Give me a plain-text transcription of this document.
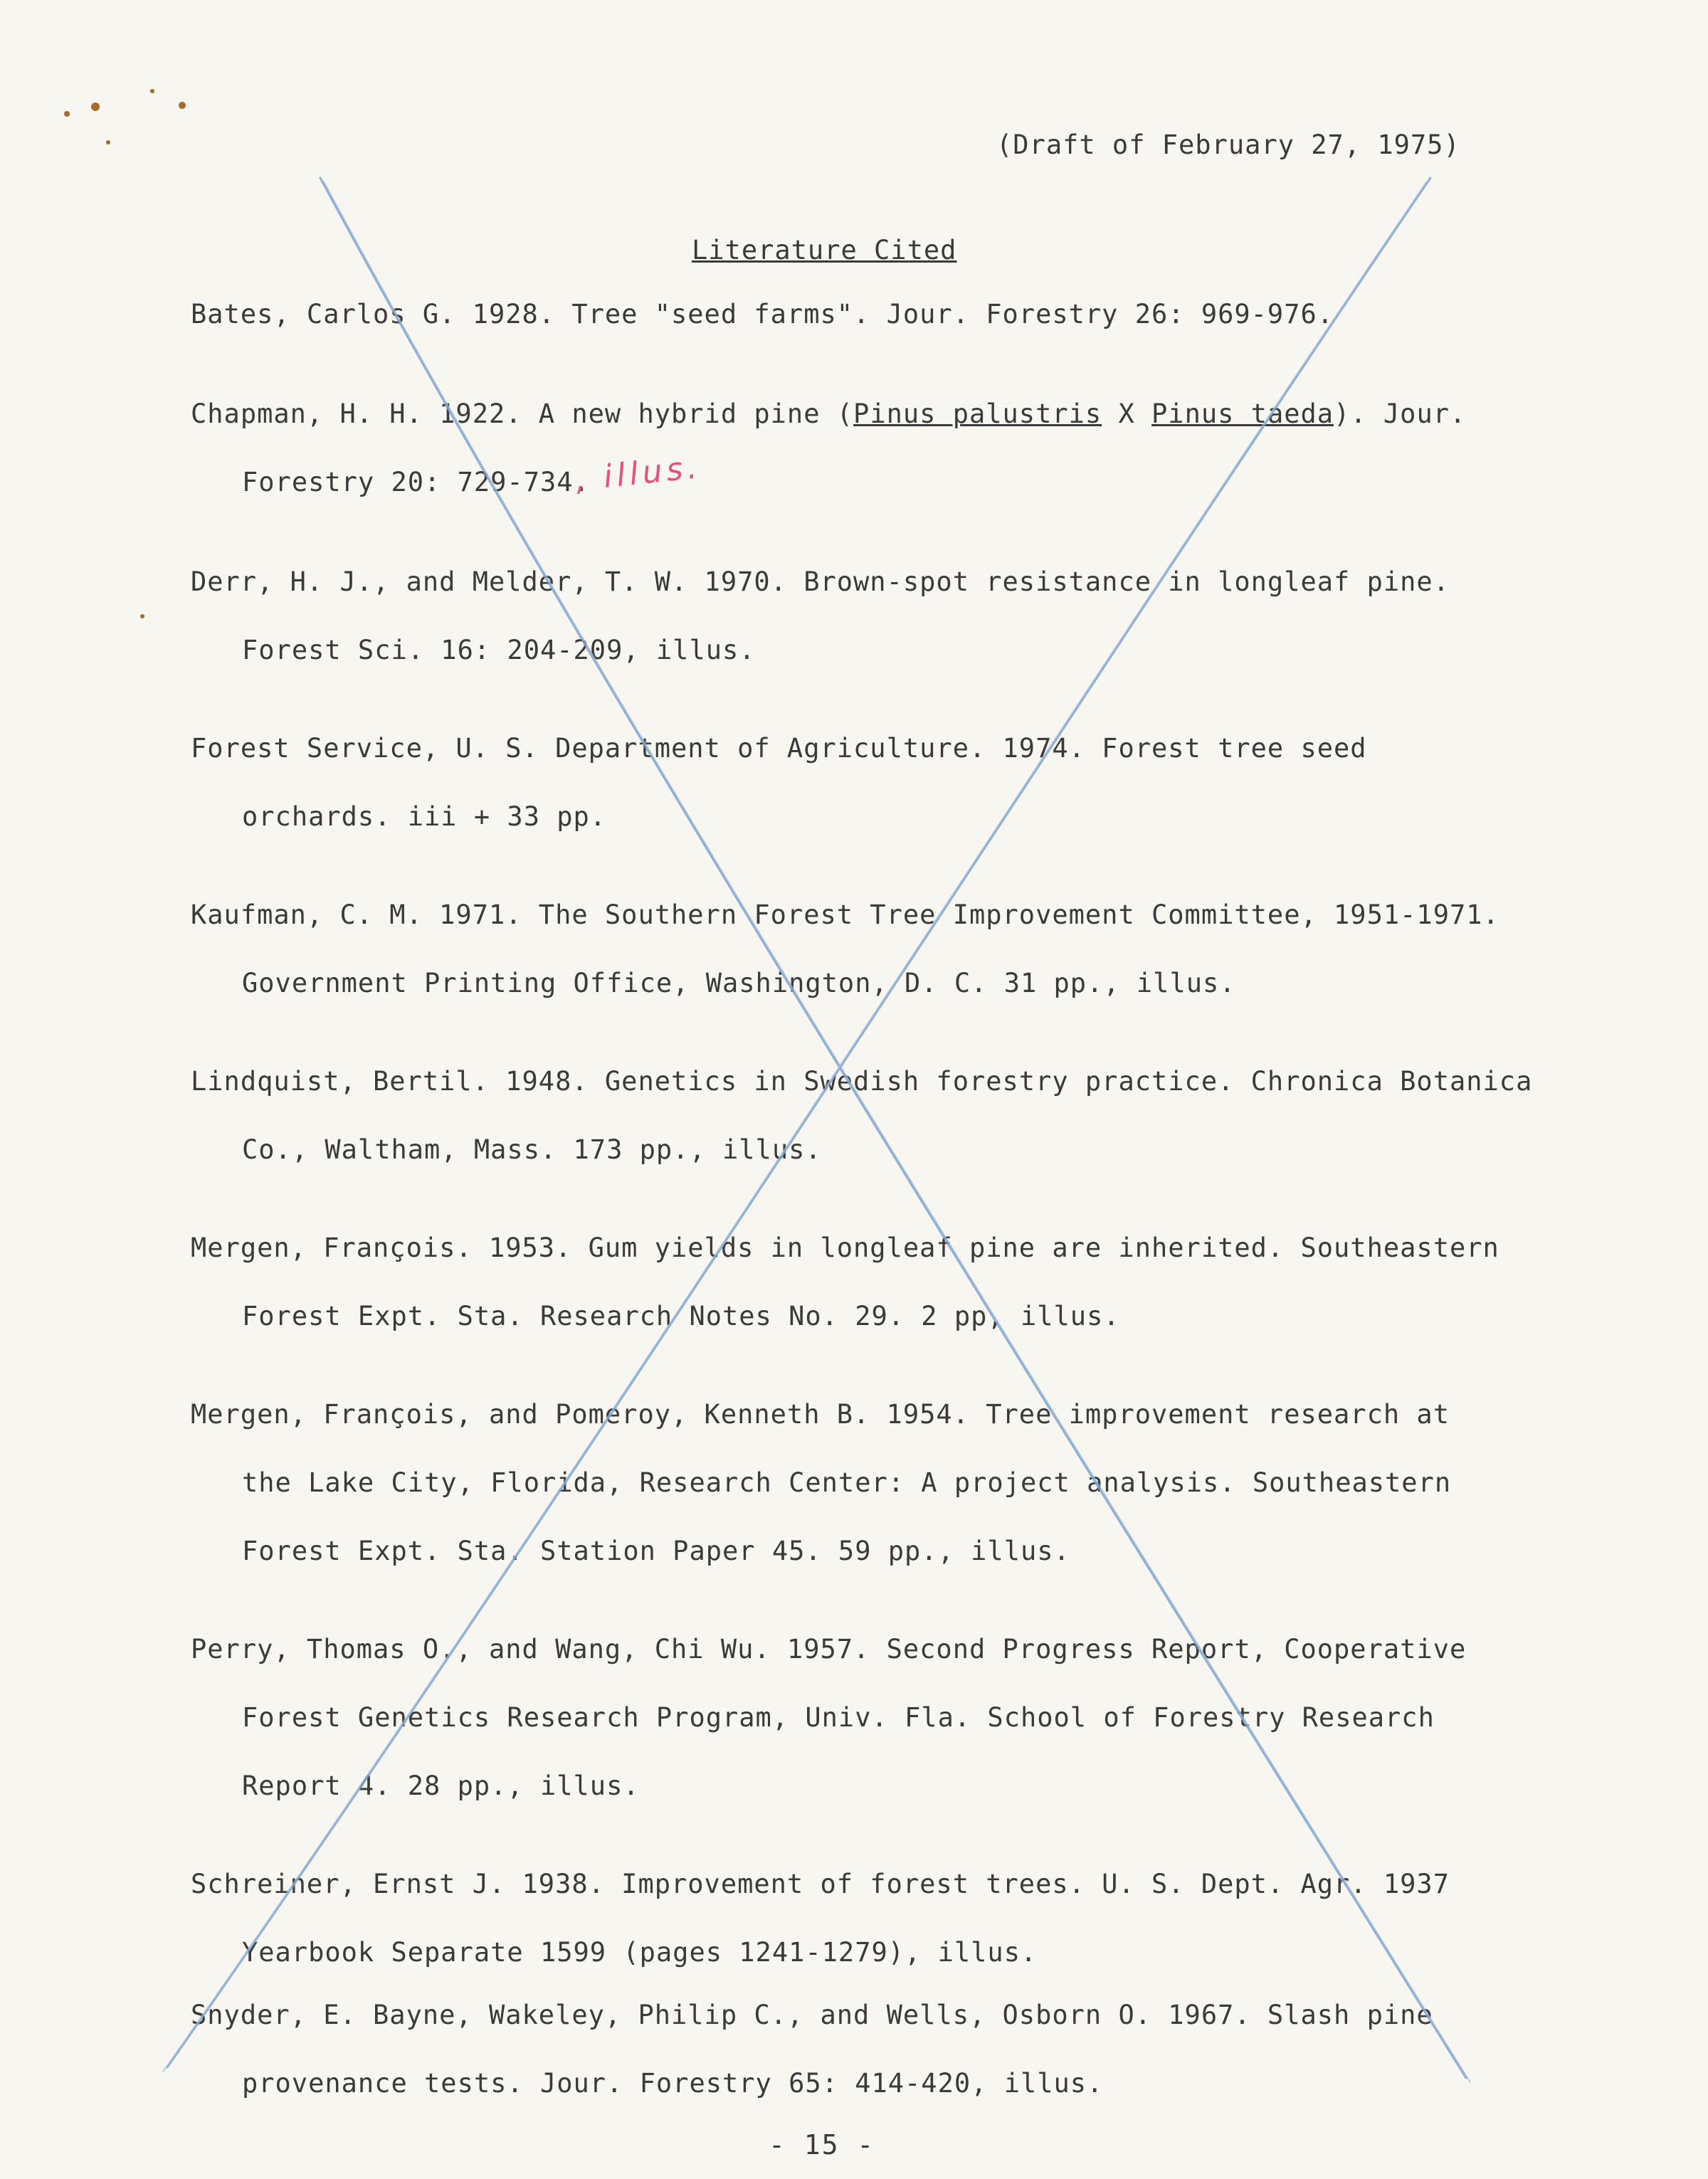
(Draft of February 27, 1975)
Literature Cited
Bates, Carlos G. 1928. Tree "seed farms". Jour. Forestry 26: 969-976.
Chapman, H. H. 1922. A new hybrid pine (Pinus palustris X Pinus taeda). Jour.
Forestry 20: 729-734.
Derr, H. J., and Melder, T. W. 1970. Brown-spot resistance in longleaf pine.
Forest Sci. 16: 204-209, illus.
Forest Service, U. S. Department of Agriculture. 1974. Forest tree seed
orchards. iii + 33 pp.
Kaufman, C. M. 1971. The Southern Forest Tree Improvement Committee, 1951-1971.
Government Printing Office, Washington, D. C. 31 pp., illus.
Lindquist, Bertil. 1948. Genetics in Swedish forestry practice. Chronica Botanica
Co., Waltham, Mass. 173 pp., illus.
Mergen, François. 1953. Gum yields in longleaf pine are inherited. Southeastern
Forest Expt. Sta. Research Notes No. 29. 2 pp, illus.
Mergen, François, and Pomeroy, Kenneth B. 1954. Tree improvement research at
the Lake City, Florida, Research Center: A project analysis. Southeastern
Forest Expt. Sta. Station Paper 45. 59 pp., illus.
Perry, Thomas O., and Wang, Chi Wu. 1957. Second Progress Report, Cooperative
Forest Genetics Research Program, Univ. Fla. School of Forestry Research
Report 4. 28 pp., illus.
Schreiner, Ernst J. 1938. Improvement of forest trees. U. S. Dept. Agr. 1937
Yearbook Separate 1599 (pages 1241-1279), illus.
Snyder, E. Bayne, Wakeley, Philip C., and Wells, Osborn O. 1967. Slash pine
provenance tests. Jour. Forestry 65: 414-420, illus.
, illus.
- 15 -
